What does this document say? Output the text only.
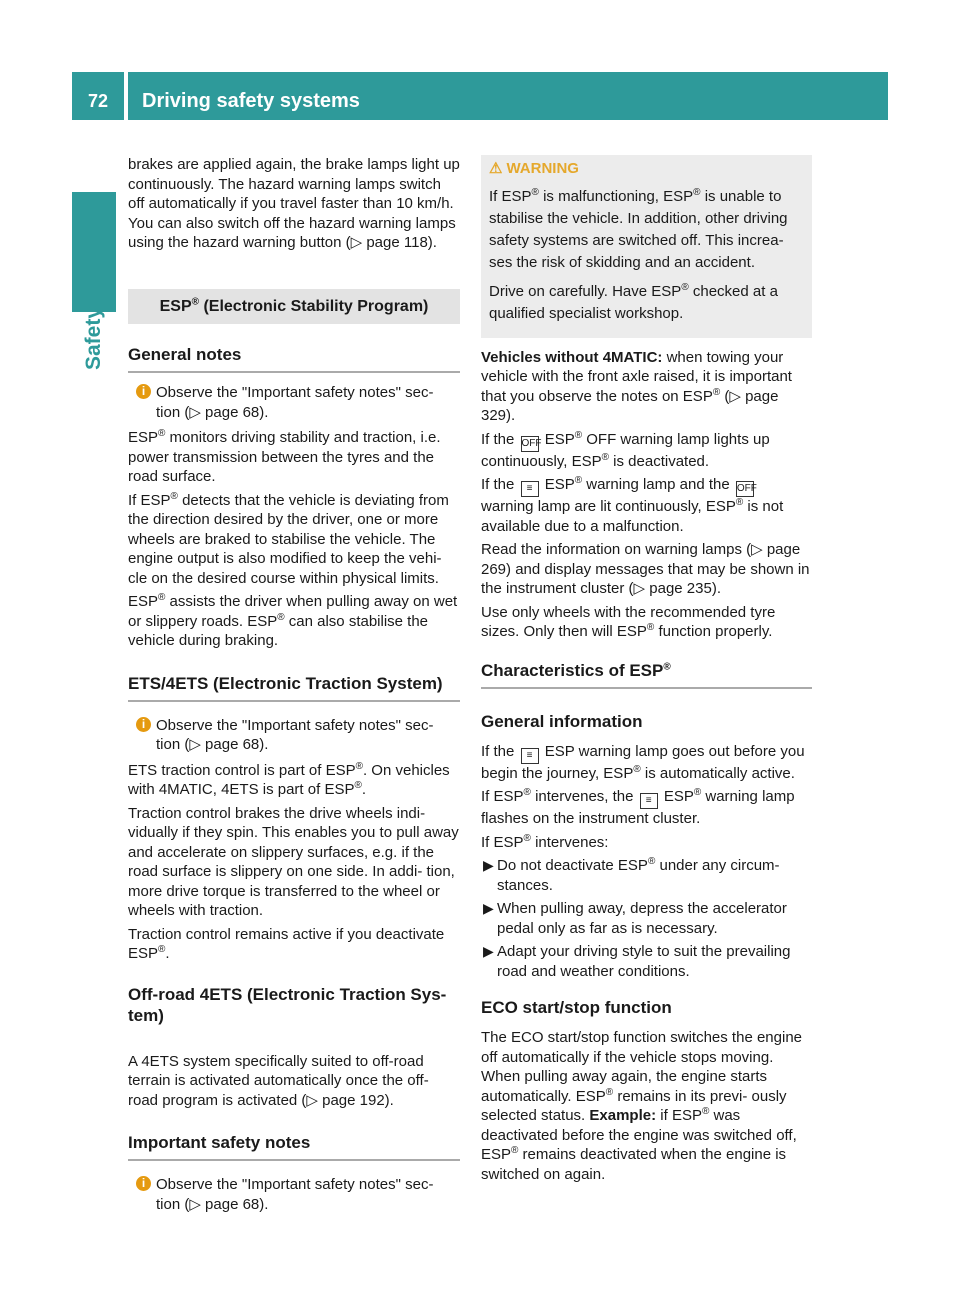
72	Driving safety systems
Safety

brakes are applied again, the brake lamps light up continuously. The hazard warning lamps switch off automatically if you travel faster than 10 km/h. You can also switch off the hazard warning lamps using the hazard warning button (▷ page 118).

ESP® (Electronic Stability Program)
General notes
i Observe the "Important safety notes" sec- tion (▷ page 68).

ESP® monitors driving stability and traction, i.e. power transmission between the tyres and the road surface.

If ESP® detects that the vehicle is deviating from the direction desired by the driver, one or more wheels are braked to stabilise the vehicle. The engine output is also modified to keep the vehi- cle on the desired course within physical limits.

ESP® assists the driver when pulling away on wet or slippery roads. ESP® can also stabilise the vehicle during braking.

ETS/4ETS (Electronic Traction System)
i Observe the "Important safety notes" sec- tion (▷ page 68).

ETS traction control is part of ESP®. On vehicles with 4MATIC, 4ETS is part of ESP®.

Traction control brakes the drive wheels indi- vidually if they spin. This enables you to pull away and accelerate on slippery surfaces, e.g. if the road surface is slippery on one side. In addi- tion, more drive torque is transferred to the wheel or wheels with traction.

Traction control remains active if you deactivate ESP®.

Off-road 4ETS (Electronic Traction Sys- tem)

A 4ETS system specifically suited to off-road terrain is activated automatically once the off- road program is activated (▷ page 192).

Important safety notes
i Observe the "Important safety notes" sec- tion (▷ page 68).
⚠ WARNING

If ESP® is malfunctioning, ESP® is unable to stabilise the vehicle. In addition, other driving safety systems are switched off. This increa- ses the risk of skidding and an accident.

Drive on carefully. Have ESP® checked at a qualified specialist workshop.

Vehicles without 4MATIC: when towing your vehicle with the front axle raised, it is important that you observe the notes on ESP® (▷ page 329).

If the OFF ESP® OFF warning lamp lights up continuously, ESP® is deactivated.

If the ≡ ESP® warning lamp and the OFF warning lamp are lit continuously, ESP® is not available due to a malfunction.

Read the information on warning lamps (▷ page 269) and display messages that may be shown in the instrument cluster (▷ page 235).

Use only wheels with the recommended tyre sizes. Only then will ESP® function properly.

Characteristics of ESP®
General information

If the ≡ ESP warning lamp goes out before you begin the journey, ESP® is automatically active.

If ESP® intervenes, the ≡ ESP® warning lamp flashes on the instrument cluster.

If ESP® intervenes:

▶ Do not deactivate ESP® under any circum- stances.
▶ When pulling away, depress the accelerator pedal only as far as is necessary.
▶ Adapt your driving style to suit the prevailing road and weather conditions.
ECO start/stop function

The ECO start/stop function switches the engine off automatically if the vehicle stops moving. When pulling away again, the engine starts automatically. ESP® remains in its previ- ously selected status. Example: if ESP® was deactivated before the engine was switched off, ESP® remains deactivated when the engine is switched on again.
